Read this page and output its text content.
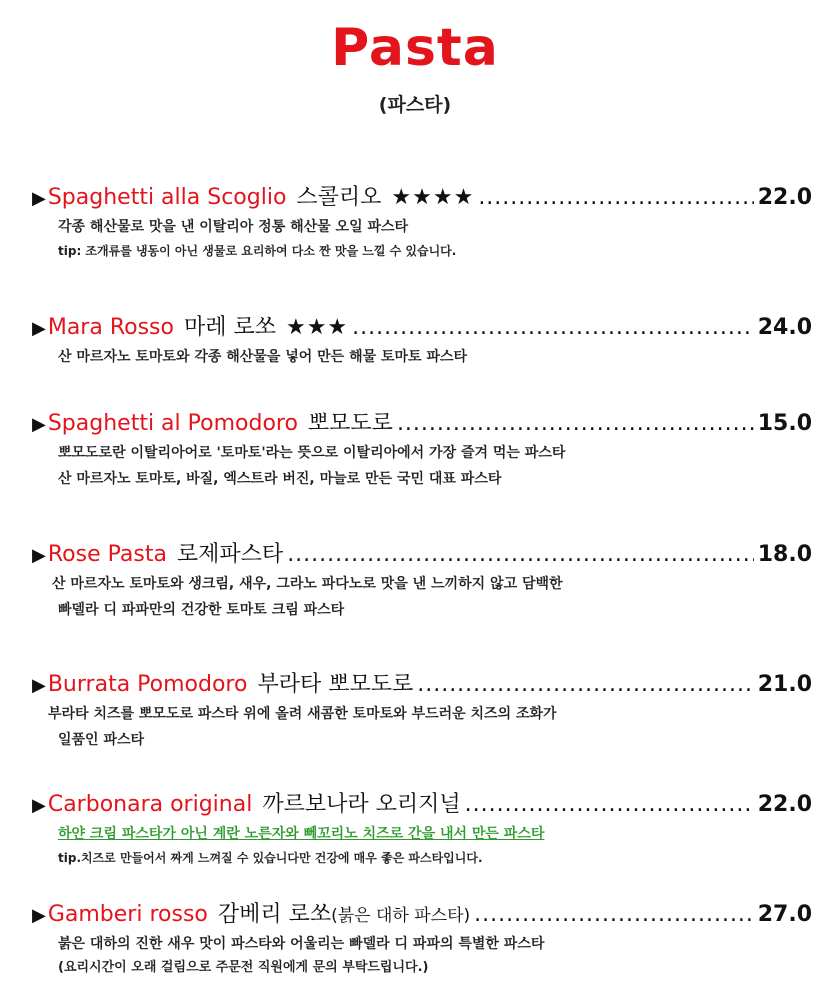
Pasta
(파스타)
▶ Spaghetti alla Scoglio 스콜리오 ★★★★ .....	22.0
각종 해산물로 맛을 낸 이탈리아 정통 해산물 오일 파스타
tip: 조개류를 냉동이 아닌 생물로 요리하여 다소 짠 맛을 느낄 수 있습니다.
▶ Mara Rosso 마레 로쏘 ★★★ .....	24.0
산 마르자노 토마토와 각종 해산물을 넣어 만든 해물 토마토 파스타
▶ Spaghetti al Pomodoro 뽀모도로 .....	15.0
뽀모도로란 이탈리아어로 '토마토'라는 뜻으로 이탈리아에서 가장 즐겨 먹는 파스타
산 마르자노 토마토, 바질, 엑스트라 버진, 마늘로 만든 국민 대표 파스타
▶ Rose Pasta 로제파스타 .....	18.0
산 마르자노 토마토와 생크림, 새우, 그라노 파다노로 맛을 낸 느끼하지 않고 담백한
빠델라 디 파파만의 건강한 토마토 크림 파스타
▶ Burrata Pomodoro 부라타 뽀모도로 .....	21.0
부라타 치즈를 뽀모도로 파스타 위에 올려 새콤한 토마토와 부드러운 치즈의 조화가
일품인 파스타
▶ Carbonara original 까르보나라 오리지널 .....	22.0
하얀 크림 파스타가 아닌 계란 노른자와 뻬꼬리노 치즈로 간을 내서 만든 파스타
tip.치즈로 만들어서 짜게 느껴질 수 있습니다만 건강에 매우 좋은 파스타입니다.
▶ Gamberi rosso 감베리 로쏘 (붉은 대하 파스타) .....	27.0
붉은 대하의 진한 새우 맛이 파스타와 어울리는 빠델라 디 파파의 특별한 파스타
(요리시간이 오래 걸림으로 주문전 직원에게 문의 부탁드립니다.)
